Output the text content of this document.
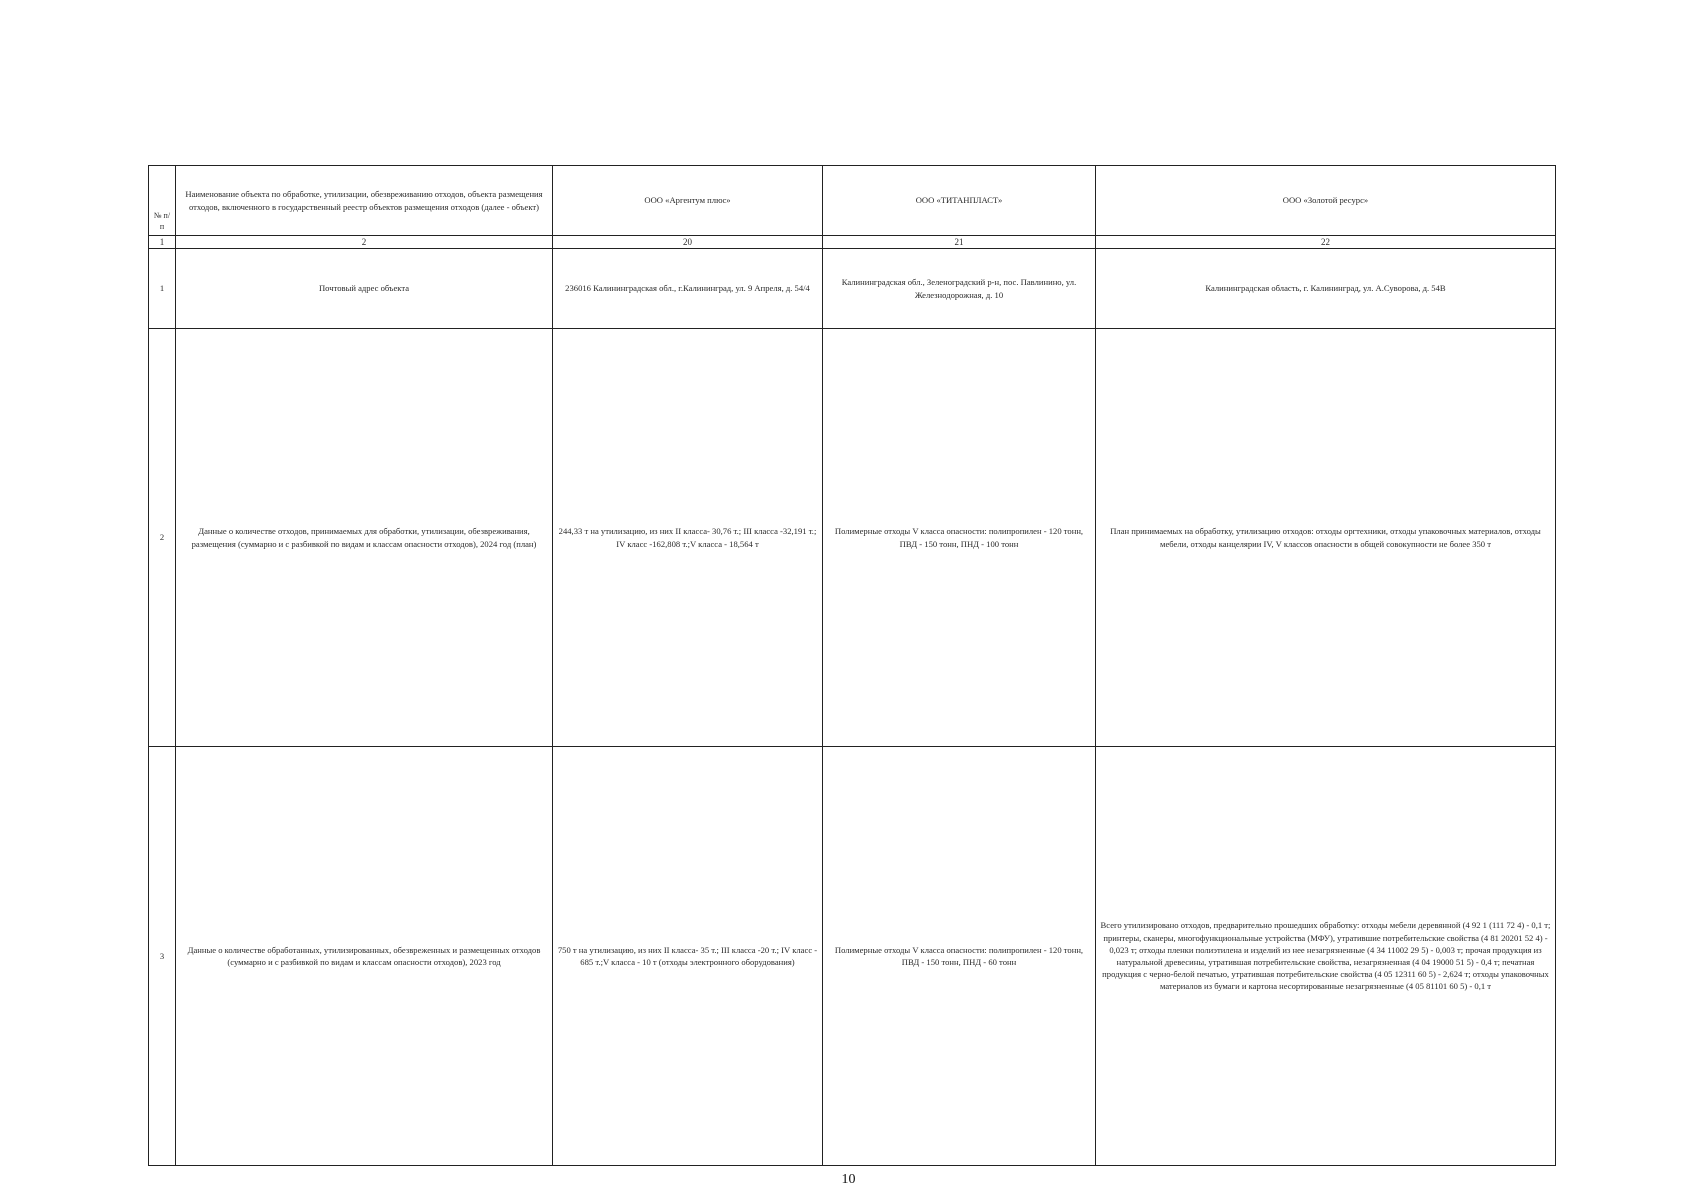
№ п/п	Наименование объекта по обработке, утилизации, обезвреживанию отходов, объекта размещения отходов, включенного в государственный реестр объектов размещения отходов (далее - объект)	ООО «Аргентум плюс»	ООО «ТИТАНПЛАСТ»	ООО «Золотой ресурс»
1	2	20	21	22
1	Почтовый адрес объекта	236016 Калининградская обл., г.Калининград, ул. 9 Апреля, д. 54/4	Калининградская обл., Зеленоградский р-н, пос. Павлинино, ул. Железнодорожная, д. 10	Калининградская область, г. Калининград, ул. А.Суворова, д. 54В
2	Данные о количестве отходов, принимаемых для обработки, утилизации, обезвреживания, размещения (суммарно и с разбивкой по видам и классам опасности отходов), 2024 год (план)	244,33 т на утилизацию, из них II класса- 30,76 т.; III класса -32,191 т.; IV класс -162,808 т.;V класса - 18,564 т	Полимерные отходы V класса опасности: полипропилен - 120 тонн, ПВД - 150 тонн, ПНД - 100 тонн	План принимаемых на обработку, утилизацию отходов: отходы оргтехники, отходы упаковочных материалов, отходы мебели, отходы канцелярии IV, V классов опасности в общей совокупности не более 350 т
3	Данные о количестве обработанных, утилизированных, обезвреженных и размещенных отходов (суммарно и с разбивкой по видам и классам опасности отходов), 2023 год	750 т на утилизацию, из них II класса- 35 т.; III класса -20 т.; IV класс - 685 т.;V класса - 10 т (отходы электронного оборудования)	Полимерные отходы V класса опасности: полипропилен - 120 тонн, ПВД - 150 тонн, ПНД - 60 тонн	Всего утилизировано отходов, предварительно прошедших обработку: отходы мебели деревянной (4 92 1 (111 72 4) - 0,1 т; принтеры, сканеры, многофункциональные устройства (МФУ), утратившие потребительские свойства (4 81 20201 52 4) - 0,023 т; отходы пленки полиэтилена и изделий из нее незагрязненные (4 34 11002 29 5) - 0,003 т; прочая продукция из натуральной древесины, утратившая потребительские свойства, незагрязненная (4 04 19000 51 5) - 0,4 т; печатная продукция с черно-белой печатью, утратившая потребительские свойства (4 05 12311 60 5) - 2,624 т; отходы упаковочных материалов из бумаги и картона несортированные незагрязненные (4 05 81101 60 5) - 0,1 т
10
